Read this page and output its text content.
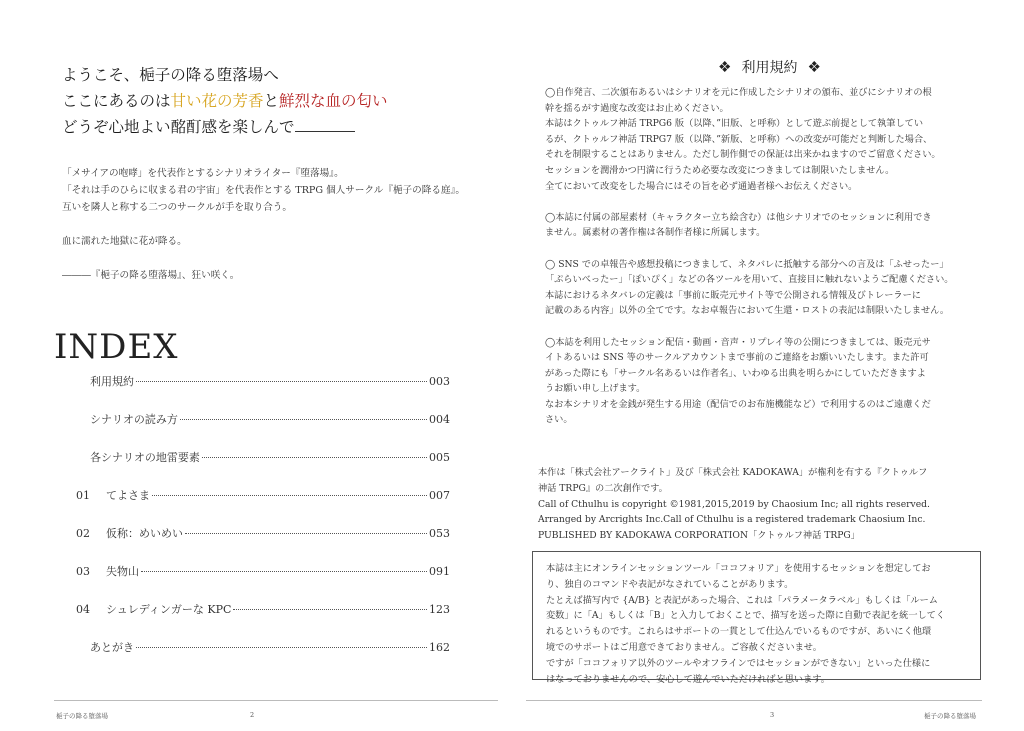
ようこそ、梔子の降る堕落場へ
ここにあるのは甘い花の芳香と鮮烈な血の匂い
どうぞ心地よい酩酊感を楽しんで

「メサイアの咆哮」を代表作とするシナリオライター『堕落場』。

「それは手のひらに収まる君の宇宙」を代表作とする TRPG 個人サークル『梔子の降る庭』。

互いを隣人と称する二つのサークルが手を取り合う。

血に濡れた地獄に花が降る。

―――『梔子の降る堕落場』、狂い咲く。

INDEX
利用規約	003
シナリオの読み方	004
各シナリオの地雷要素	005
01	てよさま	007
02	仮称：めいめい	053
03	失物山	091
04	シュレディンガーな KPC	123
あとがき	162
梔子の降る堕落場	2
❖ 利用規約 ❖

◯自作発言、二次頒布あるいはシナリオを元に作成したシナリオの頒布、並びにシナリオの根

幹を揺るがす過度な改変はお止めください。

本誌はクトゥルフ神話 TRPG6 版（以降、”旧版、と呼称）として遊ぶ前提として執筆してい

るが、クトゥルフ神話 TRPG7 版（以降、”新版、と呼称）への改変が可能だと判断した場合、

それを制限することはありません。ただし制作側での保証は出来かねますのでご留意ください。

セッションを潤滑かつ円満に行うため必要な改変につきましては制限いたしません。

全てにおいて改変をした場合にはその旨を必ず通過者様へお伝えください。

◯本誌に付属の部屋素材（キャラクター立ち絵含む）は他シナリオでのセッションに利用でき

ません。属素材の著作権は各制作者様に所属します。

◯ SNS での卓報告や感想投稿につきまして、ネタバレに抵触する部分への言及は「ふせったー」

「ぷらいべったー」「ぽいぴく」などの各ツールを用いて、直接目に触れないようご配慮ください。

本誌におけるネタバレの定義は「事前に販売元サイト等で公開される情報及びトレーラーに

記載のある内容」以外の全てです。なお卓報告において生還・ロストの表記は制限いたしません。

◯本誌を利用したセッション配信・動画・音声・リプレイ等の公開につきましては、販売元サ

イトあるいは SNS 等のサークルアカウントまで事前のご連絡をお願いいたします。また許可

があった際にも「サークル名あるいは作者名」、いわゆる出典を明らかにしていただきますよ

うお願い申し上げます。

なお本シナリオを金銭が発生する用途（配信でのお布施機能など）で利用するのはご遠慮くだ

さい。

本作は「株式会社アークライト」及び「株式会社 KADOKAWA」が権利を有する『クトゥルフ

神話 TRPG』の二次創作です。

Call of Cthulhu is copyright ©1981,2015,2019 by Chaosium Inc; all rights reserved.

Arranged by Arcrights Inc.Call of Cthulhu is a registered trademark Chaosium Inc.

PUBLISHED BY KADOKAWA CORPORATION「クトゥルフ神話 TRPG」

本誌は主にオンラインセッションツール「ココフォリア」を使用するセッションを想定してお

り、独自のコマンドや表記がなされていることがあります。

たとえば描写内で {A/B} と表記があった場合、これは「パラメータラベル」もしくは「ルーム

変数」に「A」もしくは「B」と入力しておくことで、描写を送った際に自動で表記を統一してく

れるというものです。これらはサポートの一貫として仕込んでいるものですが、あいにく他環

境でのサポートはご用意できておりません。ご容赦くださいませ。

ですが「ココフォリア以外のツールやオフラインではセッションができない」といった仕様に

はなっておりませんので、安心して遊んでいただければと思います。

3	梔子の降る堕落場
